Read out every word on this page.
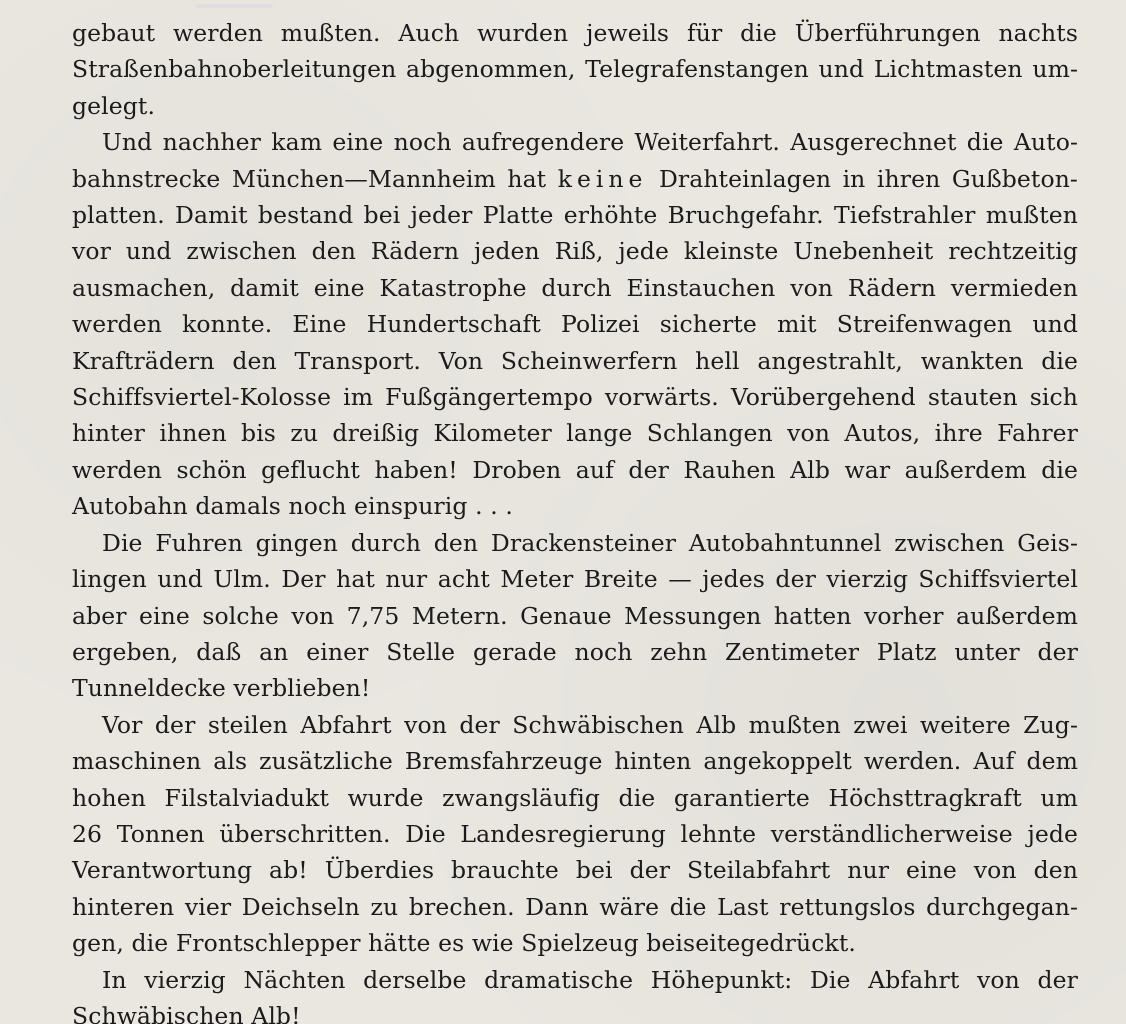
gebaut werden mußten. Auch wurden jeweils für die Überführungen nachts
Straßenbahnoberleitungen abgenommen, Telegrafenstangen und Lichtmasten um-
gelegt.
Und nachher kam eine noch aufregendere Weiterfahrt. Ausgerechnet die Auto-
bahnstrecke München—Mannheim hat keine Drahteinlagen in ihren Gußbeton-
platten. Damit bestand bei jeder Platte erhöhte Bruchgefahr. Tiefstrahler mußten
vor und zwischen den Rädern jeden Riß, jede kleinste Unebenheit rechtzeitig
ausmachen, damit eine Katastrophe durch Einstauchen von Rädern vermieden
werden konnte. Eine Hundertschaft Polizei sicherte mit Streifenwagen und
Krafträdern den Transport. Von Scheinwerfern hell angestrahlt, wankten die
Schiffsviertel-Kolosse im Fußgängertempo vorwärts. Vorübergehend stauten sich
hinter ihnen bis zu dreißig Kilometer lange Schlangen von Autos, ihre Fahrer
werden schön geflucht haben! Droben auf der Rauhen Alb war außerdem die
Autobahn damals noch einspurig . . .
Die Fuhren gingen durch den Drackensteiner Autobahntunnel zwischen Geis-
lingen und Ulm. Der hat nur acht Meter Breite — jedes der vierzig Schiffsviertel
aber eine solche von 7,75 Metern. Genaue Messungen hatten vorher außerdem
ergeben, daß an einer Stelle gerade noch zehn Zentimeter Platz unter der
Tunneldecke verblieben!
Vor der steilen Abfahrt von der Schwäbischen Alb mußten zwei weitere Zug-
maschinen als zusätzliche Bremsfahrzeuge hinten angekoppelt werden. Auf dem
hohen Filstalviadukt wurde zwangsläufig die garantierte Höchsttragkraft um
26 Tonnen überschritten. Die Landesregierung lehnte verständlicherweise jede
Verantwortung ab! Überdies brauchte bei der Steilabfahrt nur eine von den
hinteren vier Deichseln zu brechen. Dann wäre die Last rettungslos durchgegan-
gen, die Frontschlepper hätte es wie Spielzeug beiseitegedrückt.
In vierzig Nächten derselbe dramatische Höhepunkt: Die Abfahrt von der
Schwäbischen Alb!
